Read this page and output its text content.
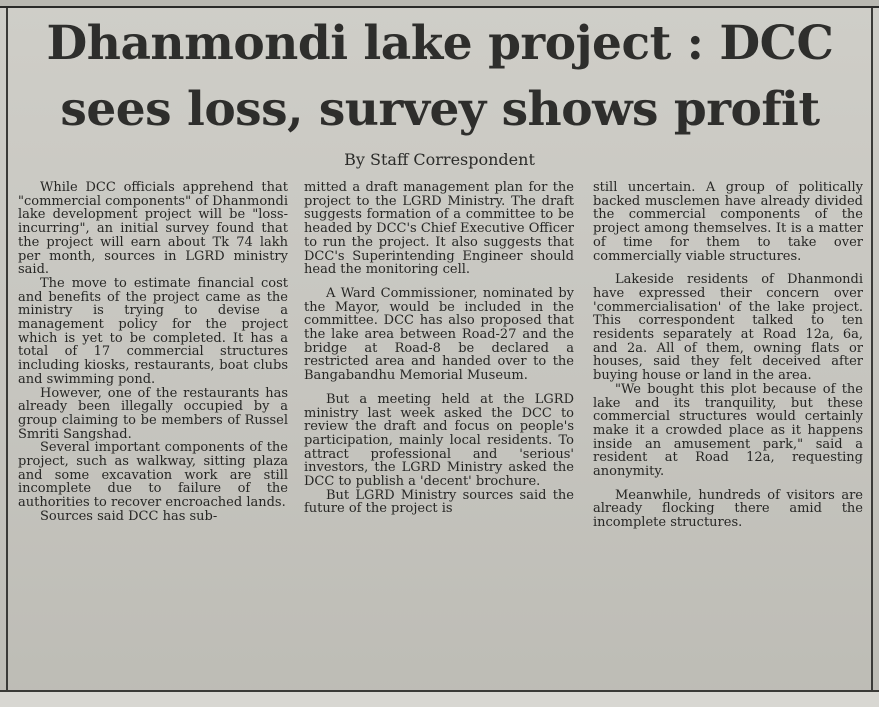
Dhanmondi lake project : DCC
sees loss, survey shows profit
By Staff Correspondent

While DCC officials apprehend that "commercial components" of Dhanmondi lake development project will be "loss-incurring", an initial survey found that the project will earn about Tk 74 lakh per month, sources in LGRD ministry said.

The move to estimate financial cost and benefits of the project came as the ministry is trying to devise a management policy for the project which is yet to be completed. It has a total of 17 commercial structures including kiosks, restaurants, boat clubs and swimming pond.

However, one of the restaurants has already been illegally occupied by a group claiming to be members of Russel Smriti Sangshad.

Several important components of the project, such as walkway, sitting plaza and some excavation work are still incomplete due to failure of the authorities to recover encroached lands.

Sources said DCC has sub-

mitted a draft management plan for the project to the LGRD Ministry. The draft suggests formation of a committee to be headed by DCC's Chief Executive Officer to run the project. It also suggests that DCC's Superintending Engineer should head the monitoring cell.

A Ward Commissioner, nominated by the Mayor, would be included in the committee. DCC has also proposed that the lake area between Road-27 and the bridge at Road-8 be declared a restricted area and handed over to the Bangabandhu Memorial Museum.

But a meeting held at the LGRD ministry last week asked the DCC to review the draft and focus on people's participation, mainly local residents. To attract professional and 'serious' investors, the LGRD Ministry asked the DCC to publish a 'decent' brochure.

But LGRD Ministry sources said the future of the project is

still uncertain. A group of politically backed musclemen have already divided the commercial components of the project among themselves. It is a matter of time for them to take over commercially viable structures.

Lakeside residents of Dhanmondi have expressed their concern over 'commercialisation' of the lake project. This correspondent talked to ten residents separately at Road 12a, 6a, and 2a. All of them, owning flats or houses, said they felt deceived after buying house or land in the area.

"We bought this plot because of the lake and its tranquility, but these commercial structures would certainly make it a crowded place as it happens inside an amusement park," said a resident at Road 12a, requesting anonymity.

Meanwhile, hundreds of visitors are already flocking there amid the incomplete structures.
